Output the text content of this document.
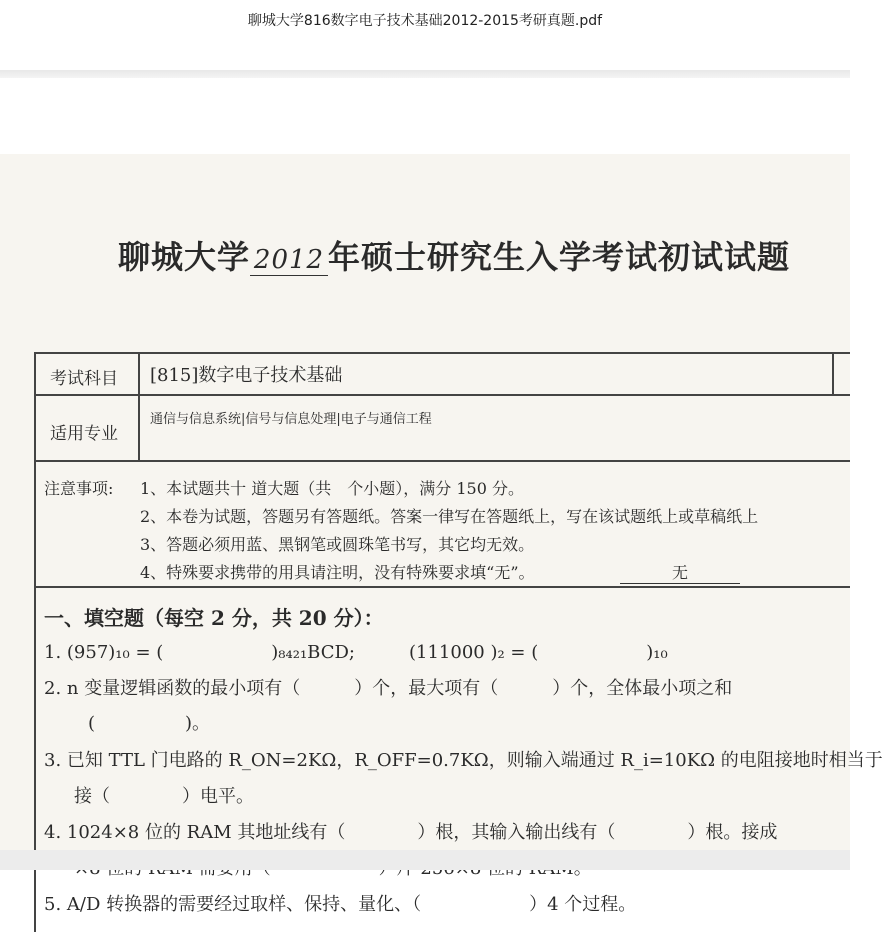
聊城大学816数字电子技术基础2012-2015考研真题.pdf
聊城大学 2012 年硕士研究生入学考试初试试题
考试科目 [815]数字电子技术基础
适用专业
通信与信息系统|信号与信息处理|电子与通信工程
注意事项: 1、本试题共十 道大题（共　个小题），满分 150 分。
2、本卷为试题，答题另有答题纸。答案一律写在答题纸上，写在该试题纸上或草稿纸上
3、答题必须用蓝、黑钢笔或圆珠笔书写，其它均无效。
4、特殊要求携带的用具请注明，没有特殊要求填“无”。	无
一、填空题（每空 2 分，共 20 分）：
1. (957)₁₀ = (　　　　　　)₈₄₂₁BCD;　　　(111000 )₂ = (　　　　　　)₁₀
2. n 变量逻辑函数的最小项有（　　　）个，最大项有（　　　）个，全体最小项之和
(　　　　　)。
3. 已知 TTL 门电路的 R_ON=2KΩ，R_OFF=0.7KΩ，则输入端通过 R_i=10KΩ 的电阻接地时相当于
接（　　　　）电平。
4. 1024×8 位的 RAM 其地址线有（　　　　）根，其输入输出线有（　　　　）根。接成
5. A/D 转换器的需要经过取样、保持、量化、（　　　　　　）4 个过程。
